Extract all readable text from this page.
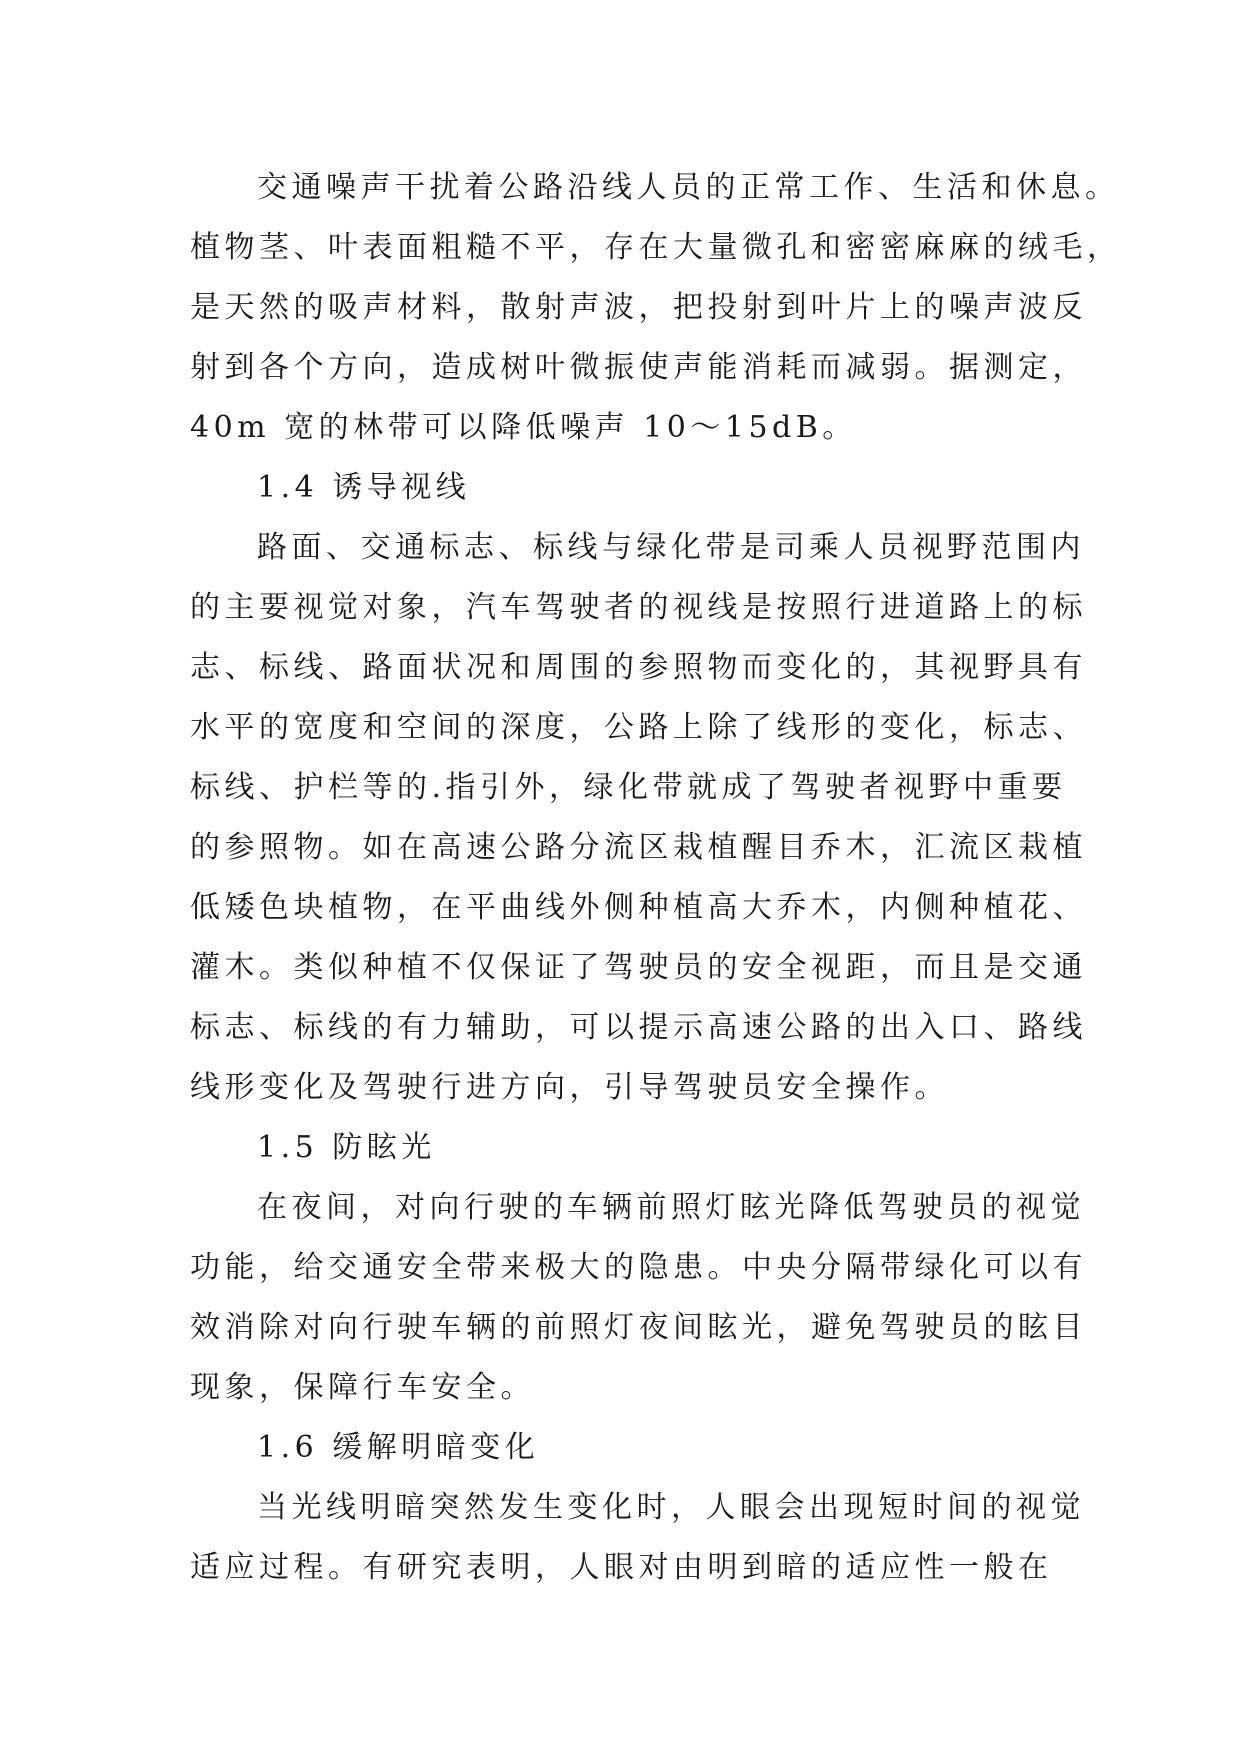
交通噪声干扰着公路沿线人员的正常工作、生活和休息。
植物茎、叶表面粗糙不平，存在大量微孔和密密麻麻的绒毛，
是天然的吸声材料，散射声波，把投射到叶片上的噪声波反
射到各个方向，造成树叶微振使声能消耗而减弱。据测定，
40m 宽的林带可以降低噪声 10～15dB。
1.4 诱导视线
路面、交通标志、标线与绿化带是司乘人员视野范围内
的主要视觉对象，汽车驾驶者的视线是按照行进道路上的标
志、标线、路面状况和周围的参照物而变化的，其视野具有
水平的宽度和空间的深度，公路上除了线形的变化，标志、
标线、护栏等的.指引外，绿化带就成了驾驶者视野中重要
的参照物。如在高速公路分流区栽植醒目乔木，汇流区栽植
低矮色块植物，在平曲线外侧种植高大乔木，内侧种植花、
灌木。类似种植不仅保证了驾驶员的安全视距，而且是交通
标志、标线的有力辅助，可以提示高速公路的出入口、路线
线形变化及驾驶行进方向，引导驾驶员安全操作。
1.5 防眩光
在夜间，对向行驶的车辆前照灯眩光降低驾驶员的视觉
功能，给交通安全带来极大的隐患。中央分隔带绿化可以有
效消除对向行驶车辆的前照灯夜间眩光，避免驾驶员的眩目
现象，保障行车安全。
1.6 缓解明暗变化
当光线明暗突然发生变化时，人眼会出现短时间的视觉
适应过程。有研究表明，人眼对由明到暗的适应性一般在
